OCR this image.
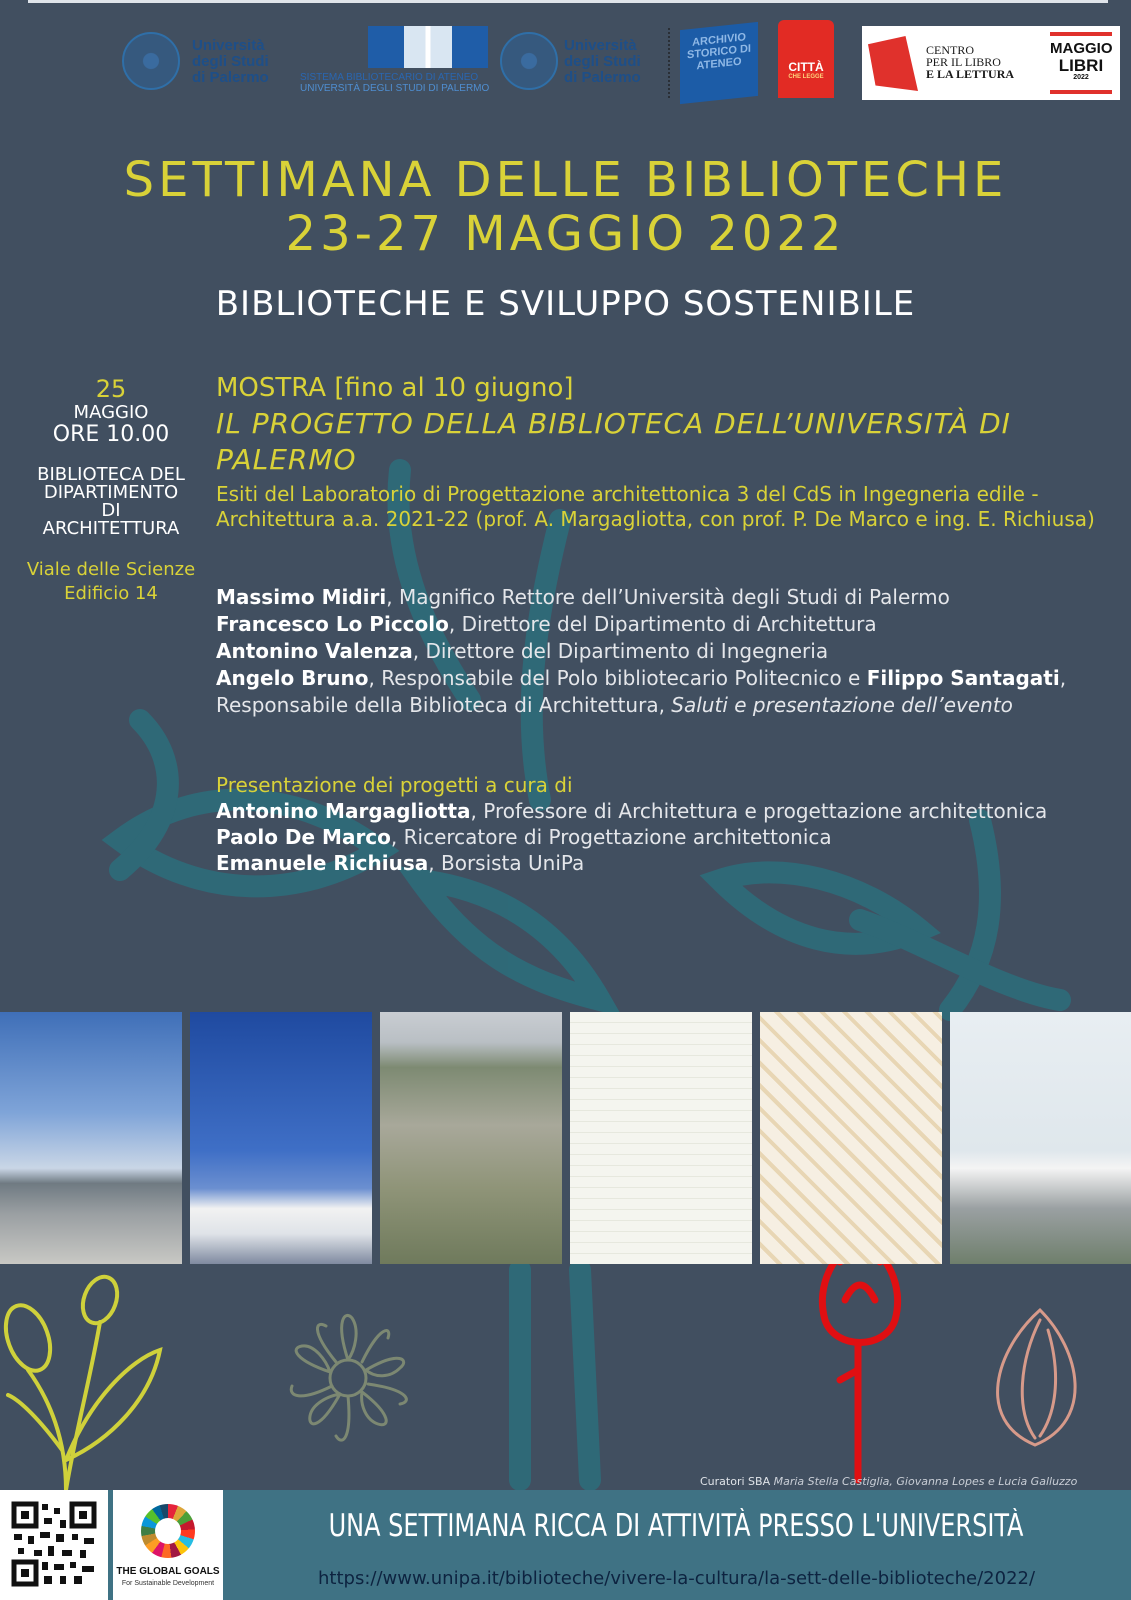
Università
degli Studi
di Palermo	SISTEMA BIBLIOTECARIO DI ATENEO
UNIVERSITÀ DEGLI STUDI DI PALERMO
Università
degli Studi
di Palermo
ARCHIVIO STORICO DI ATENEO	CITTÀ
CHE LEGGE
CENTRO
PER IL LIBRO
E LA LETTURA
MAGGIO
LIBRI
2022
SETTIMANA DELLE BIBLIOTECHE
23-27 MAGGIO 2022
BIBLIOTECHE E SVILUPPO SOSTENIBILE
25
MAGGIO
ORE 10.00
BIBLIOTECA DEL
DIPARTIMENTO
DI
ARCHITETTURA
Viale delle Scienze
Edificio 14
MOSTRA [fino al 10 giugno]
IL PROGETTO DELLA BIBLIOTECA DELL’UNIVERSITÀ DI PALERMO
Esiti del Laboratorio di Progettazione architettonica 3 del CdS in Ingegneria edile - Architettura a.a. 2021-22 (prof. A. Margagliotta, con prof. P. De Marco e ing. E. Richiusa)
Massimo Midiri, Magnifico Rettore dell’Università degli Studi di Palermo
Francesco Lo Piccolo, Direttore del Dipartimento di Architettura
Antonino Valenza, Direttore del Dipartimento di Ingegneria
Angelo Bruno, Responsabile del Polo bibliotecario Politecnico e Filippo Santagati, Responsabile della Biblioteca di Architettura, Saluti e presentazione dell’evento
Presentazione dei progetti a cura di
Antonino Margagliotta, Professore di Architettura e progettazione architettonica
Paolo De Marco, Ricercatore di Progettazione architettonica
Emanuele Richiusa, Borsista UniPa
Curatori SBA Maria Stella Castiglia, Giovanna Lopes e Lucia Galluzzo
THE GLOBAL GOALS
For Sustainable Development
UNA SETTIMANA RICCA DI ATTIVITÀ PRESSO L'UNIVERSITÀ
https://www.unipa.it/biblioteche/vivere-la-cultura/la-sett-delle-biblioteche/2022/
